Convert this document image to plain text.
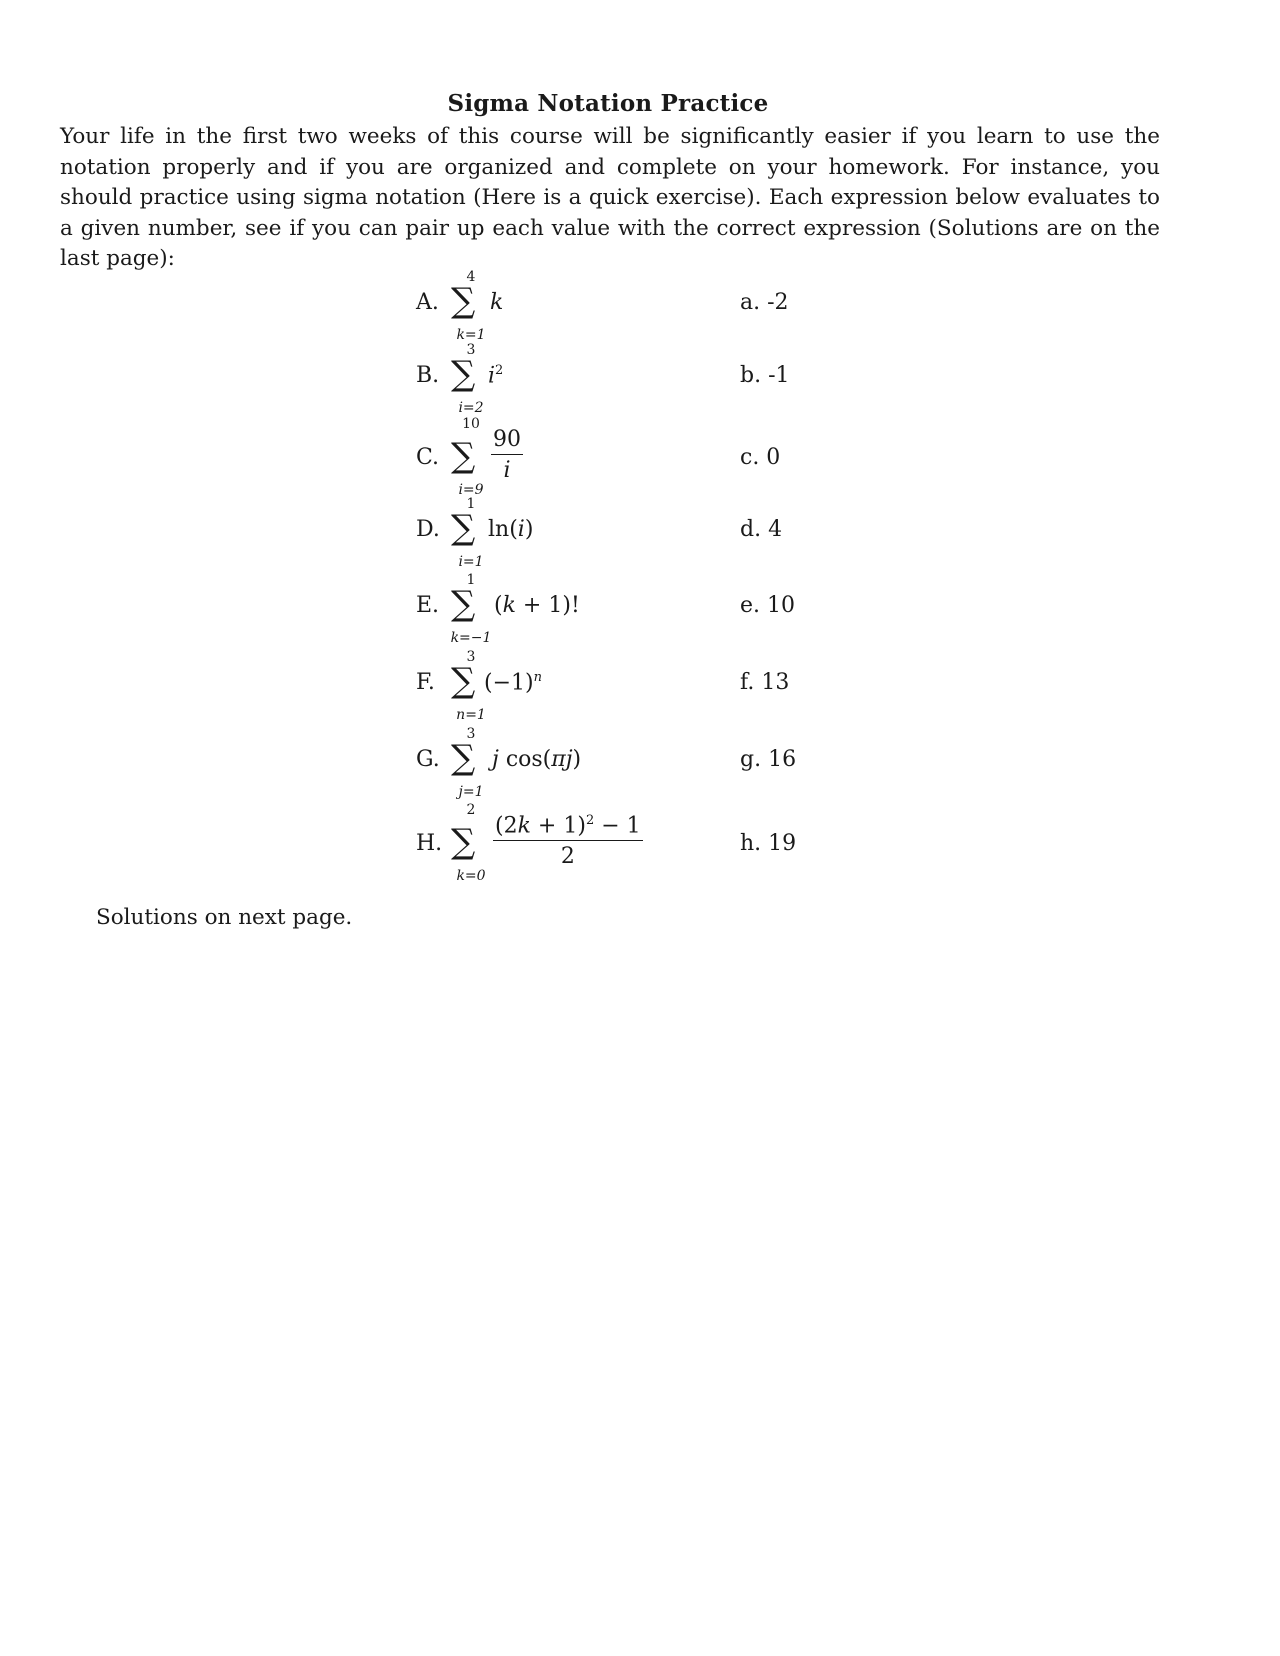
Sigma Notation Practice
Your life in the first two weeks of this course will be significantly easier if you learn to use the notation properly and if you are organized and complete on your homework. For instance, you should practice using sigma notation (Here is a quick exercise). Each expression below evaluates to a given number, see if you can pair up each value with the correct expression (Solutions are on the last page):
4
A. ∑ k
k=1
a. -2
3
B. ∑ $i^2$
i=2
b. -1
10
C. ∑ $\frac{90}{i}$
i=9
c. 0
1
D. ∑ ln(i)
i=1
d. 4
1
E. ∑ (k + 1)!
k=−1
e. 10
3
F. ∑ $(-1)^n$
n=1
f. 13
3
G. ∑ j cos(πj)
j=1
g. 16
2
H. ∑ $\frac{(2k + 1)^2 - 1}{2}$
k=0
h. 19
Solutions on next page.
